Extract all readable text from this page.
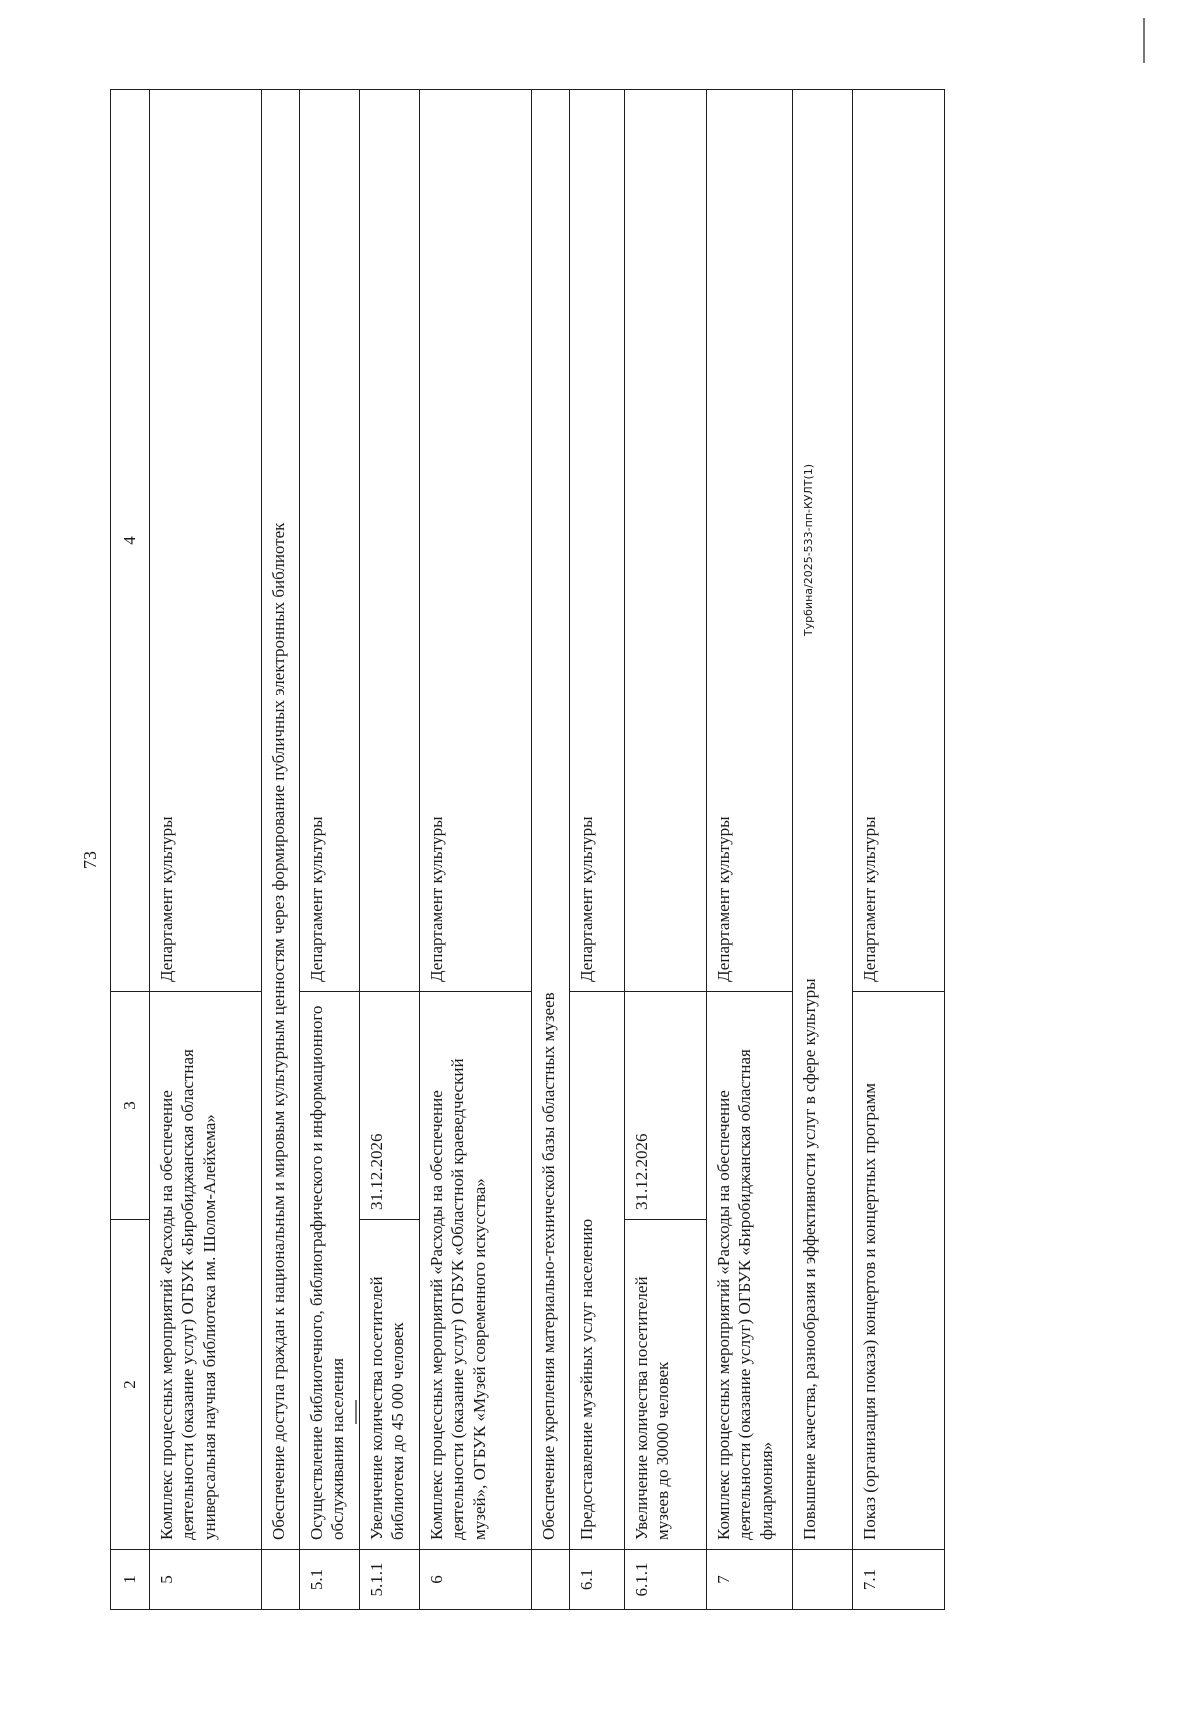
73
1	2	3	4
5	Комплекс процессных мероприятий «Расходы на обеспечение деятельности (оказание услуг) ОГБУК «Биробиджанская областная универсальная научная библиотека им. Шолом-Алейхема»		Департамент культуры
	Обеспечение доступа граждан к национальным и мировым культурным ценностям через формирование публичных электронных библиотек		
5.1	Осуществление библиотечного, библиографического и информационного обслуживания населения		Департамент культуры
5.1.1	Увеличение количества посетителей библиотеки до 45 000 человек	31.12.2026	
6	Комплекс процессных мероприятий «Расходы на обеспечение деятельности (оказание услуг) ОГБУК «Областной краеведческий музей», ОГБУК «Музей современного искусства»		Департамент культуры
	Обеспечение укрепления материально-технической базы областных музеев		
6.1	Предоставление музейных услуг населению		Департамент культуры
6.1.1	Увеличение количества посетителей музеев до 30000 человек	31.12.2026	
7	Комплекс процессных мероприятий «Расходы на обеспечение деятельности (оказание услуг) ОГБУК «Биробиджанская областная филармония»		Департамент культуры
	Повышение качества, разнообразия и эффективности услуг в сфере культуры		
7.1	Показ (организация показа) концертов и концертных программ		Департамент культуры
Турбина/2025-533-пп-КУЛТ(1)
